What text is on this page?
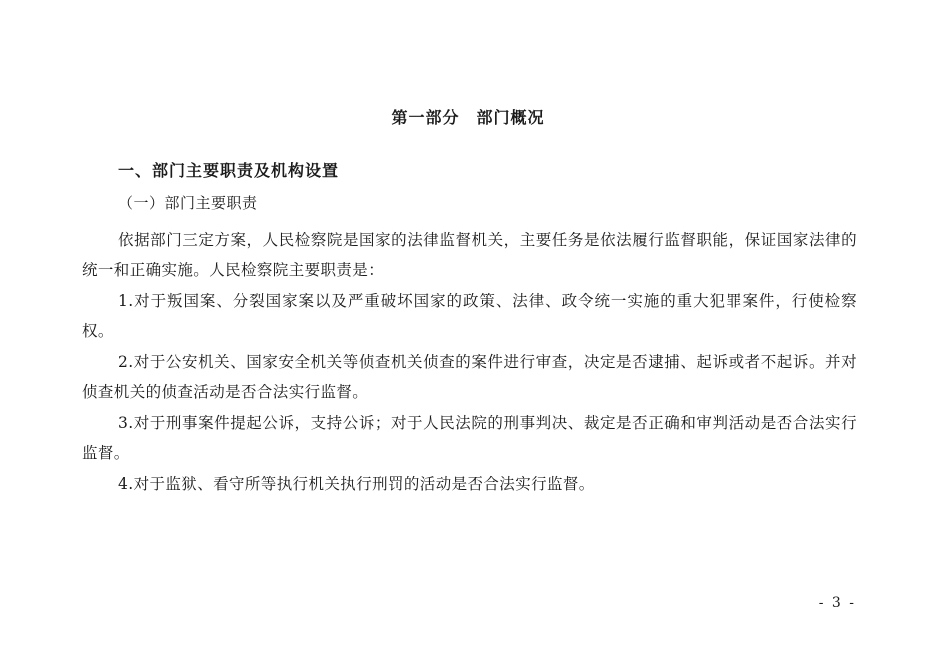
第一部分　部门概况
一、部门主要职责及机构设置
（一）部门主要职责

依据部门三定方案，人民检察院是国家的法律监督机关，主要任务是依法履行监督职能，保证国家法律的统一和正确实施。人民检察院主要职责是：

1.对于叛国案、分裂国家案以及严重破坏国家的政策、法律、政令统一实施的重大犯罪案件，行使检察权。

2.对于公安机关、国家安全机关等侦查机关侦查的案件进行审查，决定是否逮捕、起诉或者不起诉。并对侦查机关的侦查活动是否合法实行监督。

3.对于刑事案件提起公诉，支持公诉；对于人民法院的刑事判决、裁定是否正确和审判活动是否合法实行监督。

4.对于监狱、看守所等执行机关执行刑罚的活动是否合法实行监督。

- 3 -
